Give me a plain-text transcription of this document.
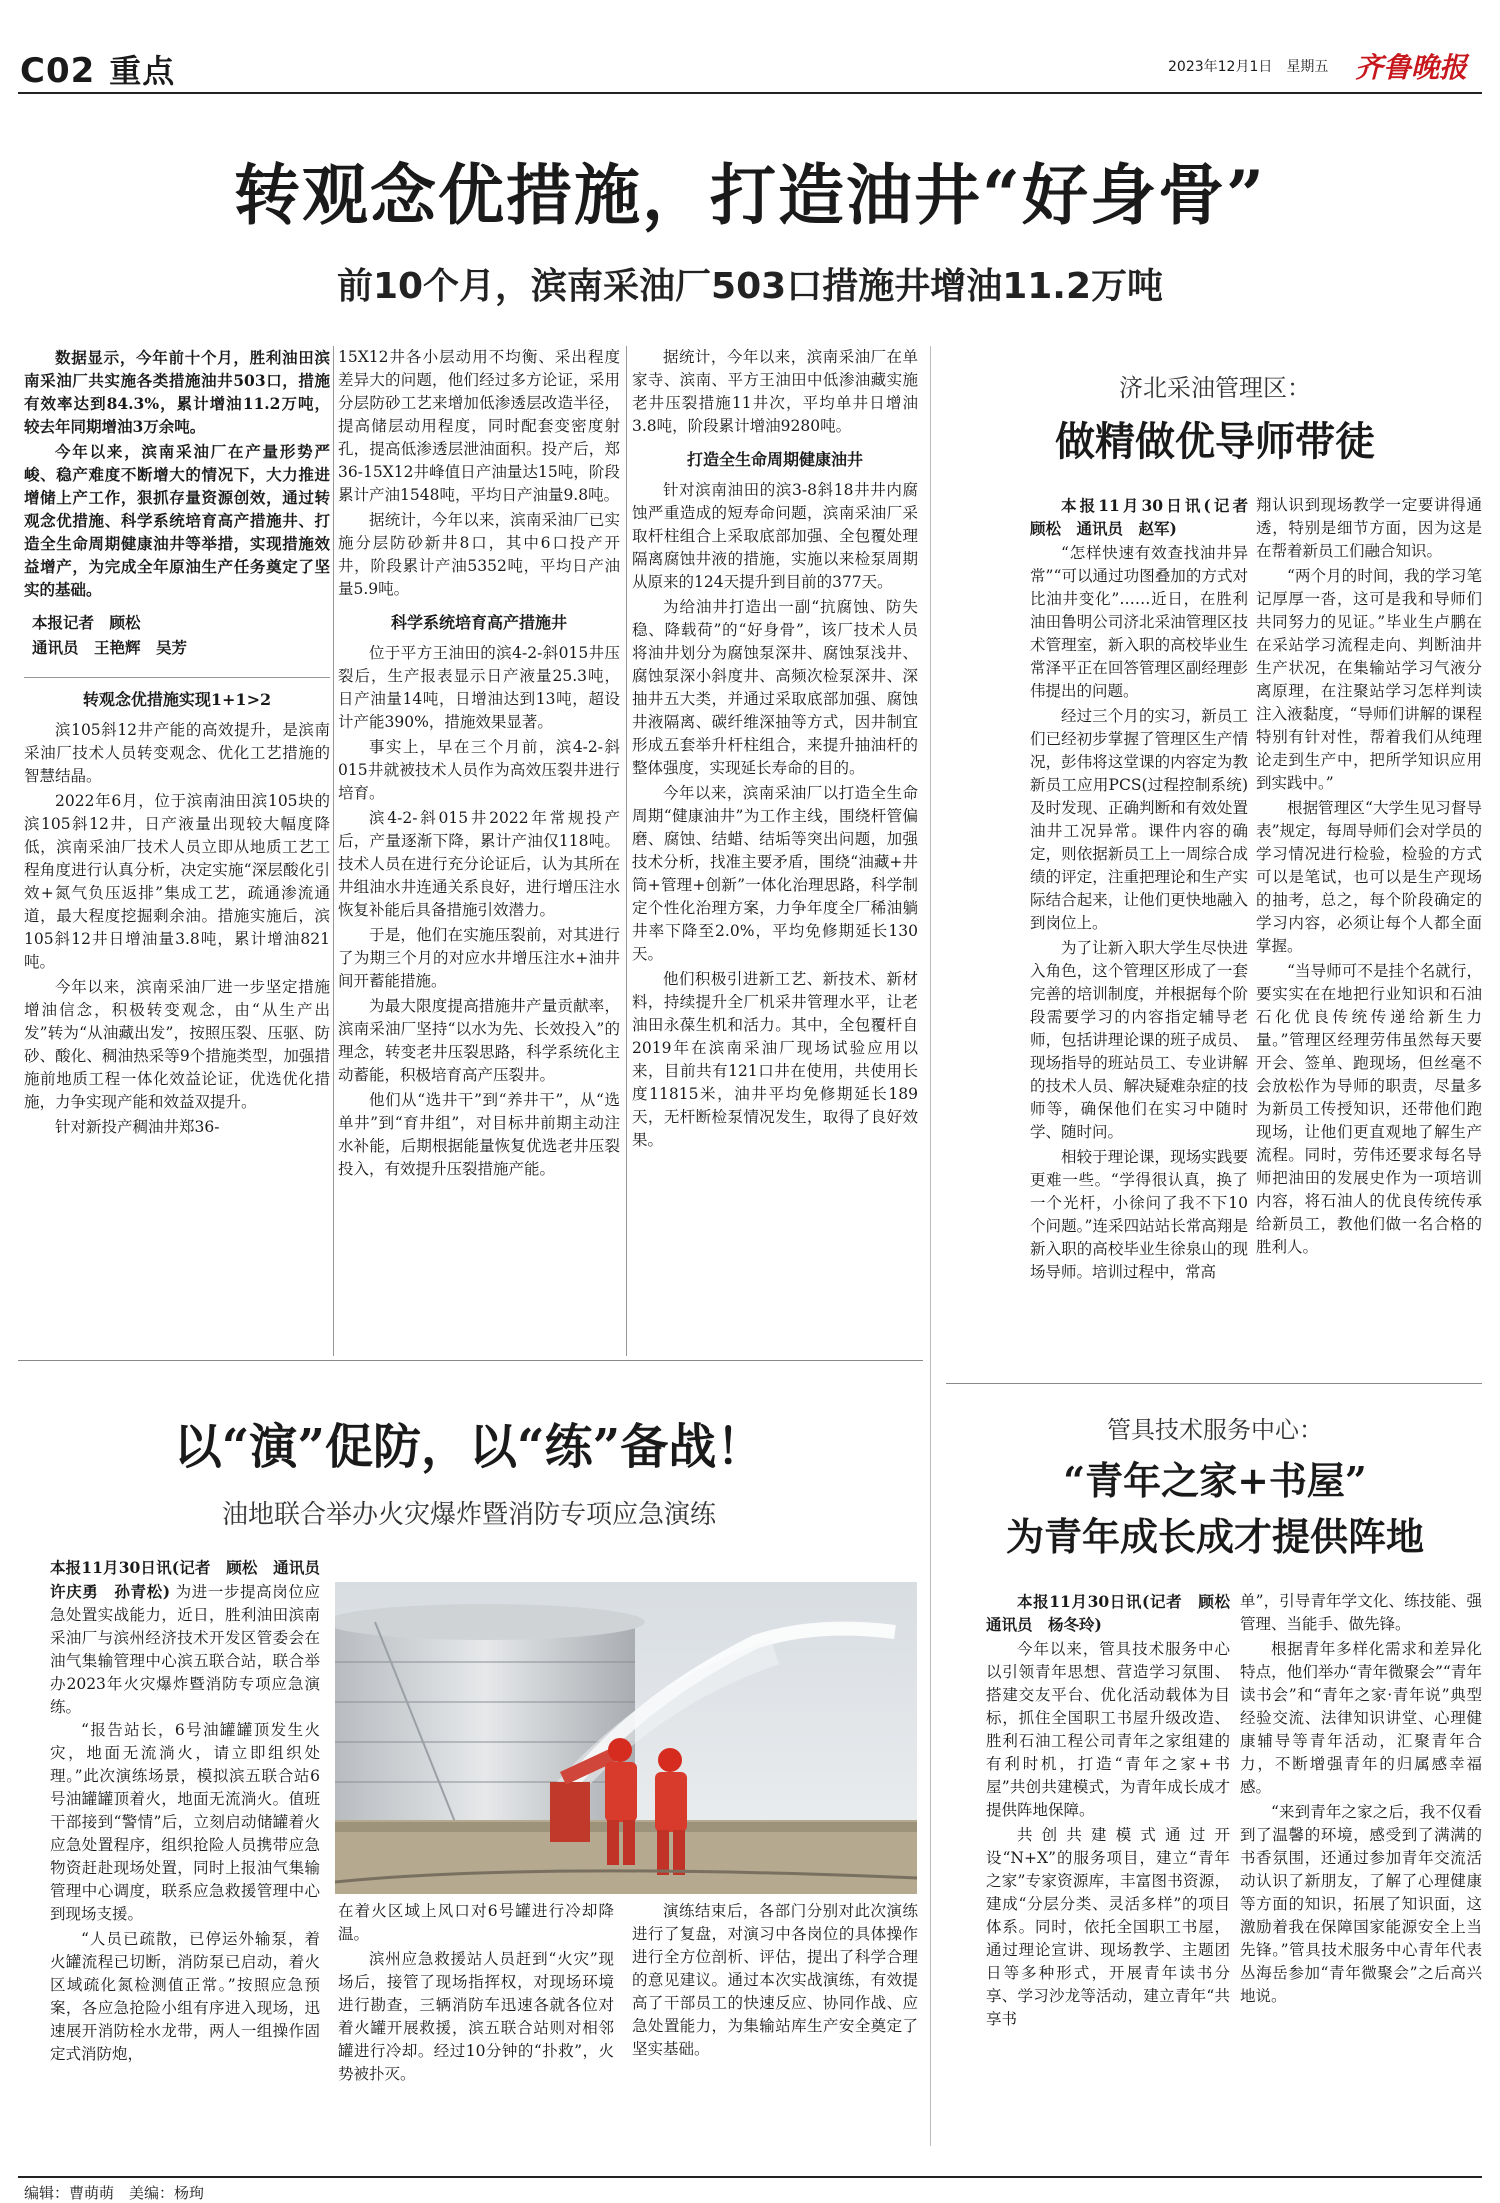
C02 重点	2023年12月1日　星期五 齐鲁晚报
转观念优措施，打造油井“好身骨”
前10个月，滨南采油厂503口措施井增油11.2万吨

数据显示，今年前十个月，胜利油田滨南采油厂共实施各类措施油井503口，措施有效率达到84.3%，累计增油11.2万吨，较去年同期增油3万余吨。

今年以来，滨南采油厂在产量形势严峻、稳产难度不断增大的情况下，大力推进增储上产工作，狠抓存量资源创效，通过转观念优措施、科学系统培育高产措施井、打造全生命周期健康油井等举措，实现措施效益增产，为完成全年原油生产任务奠定了坚实的基础。

本报记者　顾松
通讯员　王艳辉　吴芳
转观念优措施实现1+1>2

滨105斜12井产能的高效提升，是滨南采油厂技术人员转变观念、优化工艺措施的智慧结晶。

2022年6月，位于滨南油田滨105块的滨105斜12井，日产液量出现较大幅度降低，滨南采油厂技术人员立即从地质工艺工程角度进行认真分析，决定实施“深层酸化引效+氮气负压返排”集成工艺，疏通渗流通道，最大程度挖掘剩余油。措施实施后，滨105斜12井日增油量3.8吨，累计增油821吨。

今年以来，滨南采油厂进一步坚定措施增油信念，积极转变观念，由“从生产出发”转为“从油藏出发”，按照压裂、压驱、防砂、酸化、稠油热采等9个措施类型，加强措施前地质工程一体化效益论证，优选优化措施，力争实现产能和效益双提升。

针对新投产稠油井郑36-

15X12井各小层动用不均衡、采出程度差异大的问题，他们经过多方论证，采用分层防砂工艺来增加低渗透层改造半径，提高储层动用程度，同时配套变密度射孔，提高低渗透层泄油面积。投产后，郑36-15X12井峰值日产油量达15吨，阶段累计产油1548吨，平均日产油量9.8吨。

据统计，今年以来，滨南采油厂已实施分层防砂新井8口，其中6口投产开井，阶段累计产油5352吨，平均日产油量5.9吨。

科学系统培育高产措施井

位于平方王油田的滨4-2-斜015井压裂后，生产报表显示日产液量25.3吨，日产油量14吨，日增油达到13吨，超设计产能390%，措施效果显著。

事实上，早在三个月前，滨4-2-斜015井就被技术人员作为高效压裂井进行培育。

滨4-2-斜015井2022年常规投产后，产量逐渐下降，累计产油仅118吨。技术人员在进行充分论证后，认为其所在井组油水井连通关系良好，进行增压注水恢复补能后具备措施引效潜力。

于是，他们在实施压裂前，对其进行了为期三个月的对应水井增压注水+油井间开蓄能措施。

为最大限度提高措施井产量贡献率，滨南采油厂坚持“以水为先、长效投入”的理念，转变老井压裂思路，科学系统化主动蓄能，积极培育高产压裂井。

他们从“选井干”到“养井干”，从“选单井”到“育井组”，对目标井前期主动注水补能，后期根据能量恢复优选老井压裂投入，有效提升压裂措施产能。

据统计，今年以来，滨南采油厂在单家寺、滨南、平方王油田中低渗油藏实施老井压裂措施11井次，平均单井日增油3.8吨，阶段累计增油9280吨。

打造全生命周期健康油井

针对滨南油田的滨3-8斜18井井内腐蚀严重造成的短寿命问题，滨南采油厂采取杆柱组合上采取底部加强、全包覆处理隔离腐蚀井液的措施，实施以来检泵周期从原来的124天提升到目前的377天。

为给油井打造出一副“抗腐蚀、防失稳、降载荷”的“好身骨”，该厂技术人员将油井划分为腐蚀泵深井、腐蚀泵浅井、腐蚀泵深小斜度井、高频次检泵深井、深抽井五大类，并通过采取底部加强、腐蚀井液隔离、碳纤维深抽等方式，因井制宜形成五套举升杆柱组合，来提升抽油杆的整体强度，实现延长寿命的目的。

今年以来，滨南采油厂以打造全生命周期“健康油井”为工作主线，围绕杆管偏磨、腐蚀、结蜡、结垢等突出问题，加强技术分析，找准主要矛盾，围绕“油藏+井筒+管理+创新”一体化治理思路，科学制定个性化治理方案，力争年度全厂稀油躺井率下降至2.0%，平均免修期延长130天。

他们积极引进新工艺、新技术、新材料，持续提升全厂机采井管理水平，让老油田永葆生机和活力。其中，全包覆杆自2019年在滨南采油厂现场试验应用以来，目前共有121口井在使用，共使用长度11815米，油井平均免修期延长189天，无杆断检泵情况发生，取得了良好效果。

济北采油管理区：
做精做优导师带徒

本报11月30日讯(记者　顾松　通讯员　赵军)

“怎样快速有效查找油井异常”“可以通过功图叠加的方式对比油井变化”……近日，在胜利油田鲁明公司济北采油管理区技术管理室，新入职的高校毕业生常泽平正在回答管理区副经理彭伟提出的问题。

经过三个月的实习，新员工们已经初步掌握了管理区生产情况，彭伟将这堂课的内容定为教新员工应用PCS(过程控制系统)及时发现、正确判断和有效处置油井工况异常。课件内容的确定，则依据新员工上一周综合成绩的评定，注重把理论和生产实际结合起来，让他们更快地融入到岗位上。

为了让新入职大学生尽快进入角色，这个管理区形成了一套完善的培训制度，并根据每个阶段需要学习的内容指定辅导老师，包括讲理论课的班子成员、现场指导的班站员工、专业讲解的技术人员、解决疑难杂症的技师等，确保他们在实习中随时学、随时问。

相较于理论课，现场实践要更难一些。“学得很认真，换了一个光杆，小徐问了我不下10个问题。”连采四站站长常高翔是新入职的高校毕业生徐泉山的现场导师。培训过程中，常高

翔认识到现场教学一定要讲得通透，特别是细节方面，因为这是在帮着新员工们融合知识。

“两个月的时间，我的学习笔记厚厚一沓，这可是我和导师们共同努力的见证。”毕业生卢鹏在在采站学习流程走向、判断油井生产状况，在集输站学习气液分离原理，在注聚站学习怎样判读注入液黏度，“导师们讲解的课程特别有针对性，帮着我们从纯理论走到生产中，把所学知识应用到实践中。”

根据管理区“大学生见习督导表”规定，每周导师们会对学员的学习情况进行检验，检验的方式可以是笔试，也可以是生产现场的抽考，总之，每个阶段确定的学习内容，必须让每个人都全面掌握。

“当导师可不是挂个名就行，要实实在在地把行业知识和石油石化优良传统传递给新生力量。”管理区经理劳伟虽然每天要开会、签单、跑现场，但丝毫不会放松作为导师的职责，尽量多为新员工传授知识，还带他们跑现场，让他们更直观地了解生产流程。同时，劳伟还要求每名导师把油田的发展史作为一项培训内容，将石油人的优良传统传承给新员工，教他们做一名合格的胜利人。

以“演”促防，以“练”备战！
油地联合举办火灾爆炸暨消防专项应急演练

本报11月30日讯(记者　顾松　通讯员　许庆勇　孙青松) 为进一步提高岗位应急处置实战能力，近日，胜利油田滨南采油厂与滨州经济技术开发区管委会在油气集输管理中心滨五联合站，联合举办2023年火灾爆炸暨消防专项应急演练。

“报告站长，6号油罐罐顶发生火灾，地面无流淌火，请立即组织处理。”此次演练场景，模拟滨五联合站6号油罐罐顶着火，地面无流淌火。值班干部接到“警情”后，立刻启动储罐着火应急处置程序，组织抢险人员携带应急物资赶赴现场处置，同时上报油气集输管理中心调度，联系应急救援管理中心到现场支援。

“人员已疏散，已停运外输泵，着火罐流程已切断，消防泵已启动，着火区域疏化氮检测值正常。”按照应急预案，各应急抢险小组有序进入现场，迅速展开消防栓水龙带，两人一组操作固定式消防炮，

在着火区域上风口对6号罐进行冷却降温。

滨州应急救援站人员赶到“火灾”现场后，接管了现场指挥权，对现场环境进行勘查，三辆消防车迅速各就各位对着火罐开展救援，滨五联合站则对相邻罐进行冷却。经过10分钟的“扑救”，火势被扑灭。

演练结束后，各部门分别对此次演练进行了复盘，对演习中各岗位的具体操作进行全方位剖析、评估，提出了科学合理的意见建议。通过本次实战演练，有效提高了干部员工的快速反应、协同作战、应急处置能力，为集输站库生产安全奠定了坚实基础。

管具技术服务中心：
“青年之家+书屋”
为青年成长成才提供阵地

本报11月30日讯(记者　顾松　通讯员　杨冬玲)

今年以来，管具技术服务中心以引领青年思想、营造学习氛围、搭建交友平台、优化活动载体为目标，抓住全国职工书屋升级改造、胜利石油工程公司青年之家组建的有利时机，打造“青年之家+书屋”共创共建模式，为青年成长成才提供阵地保障。

共创共建模式通过开设“N+X”的服务项目，建立“青年之家”专家资源库，丰富图书资源，建成“分层分类、灵活多样”的项目体系。同时，依托全国职工书屋，通过理论宣讲、现场教学、主题团日等多种形式，开展青年读书分享、学习沙龙等活动，建立青年“共享书

单”，引导青年学文化、练技能、强管理、当能手、做先锋。

根据青年多样化需求和差异化特点，他们举办“青年微聚会”“青年读书会”和“青年之家·青年说”典型经验交流、法律知识讲堂、心理健康辅导等青年活动，汇聚青年合力，不断增强青年的归属感幸福感。

“来到青年之家之后，我不仅看到了温馨的环境，感受到了满满的书香氛围，还通过参加青年交流活动认识了新朋友，了解了心理健康等方面的知识，拓展了知识面，这激励着我在保障国家能源安全上当先锋。”管具技术服务中心青年代表丛海岳参加“青年微聚会”之后高兴地说。

编辑：曹萌萌　美编：杨珣
